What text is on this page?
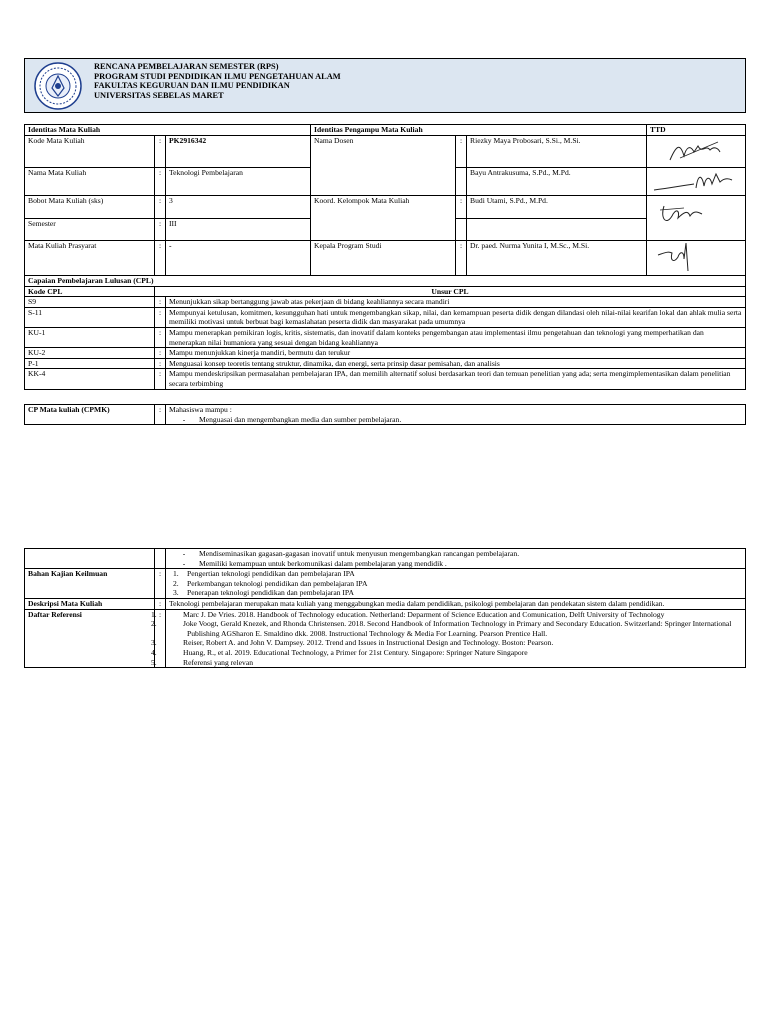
RENCANA PEMBELAJARAN SEMESTER (RPS)
PROGRAM STUDI PENDIDIKAN ILMU PENGETAHUAN ALAM
FAKULTAS KEGURUAN DAN ILMU PENDIDIKAN
UNIVERSITAS SEBELAS MARET
Identitas Mata Kuliah			Identitas Pengampu Mata Kuliah			TTD
Kode Mata Kuliah	:	PK2916342	Nama Dosen	:	Riezky Maya Probosari, S.Si., M.Si.	

Nama Mata Kuliah	:	Teknologi Pembelajaran			Bayu Antrakusuma, S.Pd., M.Pd.	

Bobot Mata Kuliah (sks)	:	3	Koord. Kelompok Mata Kuliah	:	Budi Utami, S.Pd., M.Pd.	

Semester	:	III				
Mata Kuliah Prasyarat	:	-	Kepala Program Studi	:	Dr. paed. Nurma Yunita I, M.Sc., M.Si.	
Capaian Pembelajaran Lulusan (CPL)		
Kode CPL	Unsur CPL	
S9	:	Menunjukkan sikap bertanggung jawab atas pekerjaan di bidang keahliannya secara mandiri
S-11	:	Mempunyai ketulusan, komitmen, kesungguhan hati untuk mengembangkan sikap, nilai, dan kemampuan peserta didik dengan dilandasi oleh nilai-nilai kearifan lokal dan ahlak mulia serta memiliki motivasi untuk berbuat bagi kemaslahatan peserta didik dan masyarakat pada umumnya
KU-1	:	Mampu menerapkan pemikiran logis, kritis, sistematis, dan inovatif dalam konteks pengembangan atau implementasi ilmu pengetahuan dan teknologi yang memperhatikan dan menerapkan nilai humaniora yang sesuai dengan bidang keahliannya
KU-2	:	Mampu menunjukkan kinerja mandiri, bermutu dan terukur
P-1	:	Menguasai konsep teoretis tentang struktur, dinamika, dan energi, serta prinsip dasar pemisahan, dan analisis
KK-4	:	Mampu mendeskripsikan permasalahan pembelajaran IPA, dan memilih alternatif solusi berdasarkan teori dan temuan penelitian yang ada; serta mengimplementasikan dalam penelitian secara terbimbing
CP Mata kuliah (CPMK)	:	Mahasiswa mampu :
- Menguasai dan mengembangkan media dan sumber pembelajaran.

		- Mendiseminasikan gagasan-gagasan inovatif untuk menyusun mengembangkan rancangan pembelajaran.
- Memiliki kemampuan untuk berkomunikasi dalam pembelajaran yang mendidik .

Bahan Kajian Keilmuan	:	1. Pengertian teknologi pendidikan dan pembelajaran IPA
2. Perkembangan teknologi pendidikan dan pembelajaran IPA
3. Penerapan teknologi pendidikan dan pembelajaran IPA

Deskripsi Mata Kuliah	:	Teknologi pembelajaran merupakan mata kuliah yang menggabungkan media dalam pendidikan, psikologi pembelajaran dan pendekatan sistem dalam pendidikan.
Daftar Referensi	:	1. Marc J. De Vries. 2018. Handbook of Technology education. Netherland: Deparment of Science Education and Comunication, Delft University of Technology
2. Joke Voogt, Gerald Knezek, and Rhonda Christensen. 2018. Second Handbook of Information Technology in Primary and Secondary Education. Switzerland: Springer International Publishing AGSharon E. Smaldino dkk. 2008. Instructional Technology & Media For Learning. Pearson Prentice Hall.
3. Reiser, Robert A. and John V. Dampsey. 2012. Trend and Issues in Instructional Design and Technology. Boston: Pearson.
4. Huang, R., et al. 2019. Educational Technology, a Primer for 21st Century. Singapore: Springer Nature Singapore
5. Referensi yang relevan
